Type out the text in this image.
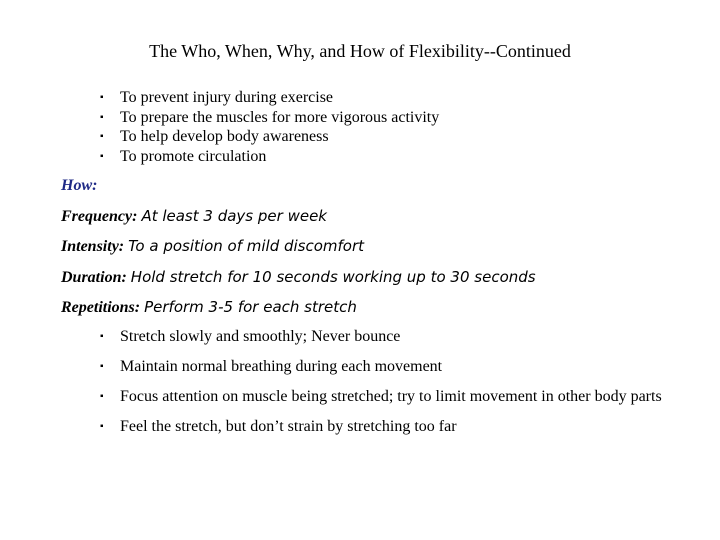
The Who, When, Why, and How of Flexibility--Continued
▪ To prevent injury during exercise
▪ To prepare the muscles for more vigorous activity
▪ To help develop body awareness
▪ To promote circulation
How:
Frequency: At least 3 days per week
Intensity: To a position of mild discomfort
Duration: Hold stretch for 10 seconds working up to 30 seconds
Repetitions: Perform 3-5 for each stretch
▪ Stretch slowly and smoothly; Never bounce
▪ Maintain normal breathing during each movement
▪ Focus attention on muscle being stretched; try to limit movement in other body parts
▪ Feel the stretch, but don’t strain by stretching too far
